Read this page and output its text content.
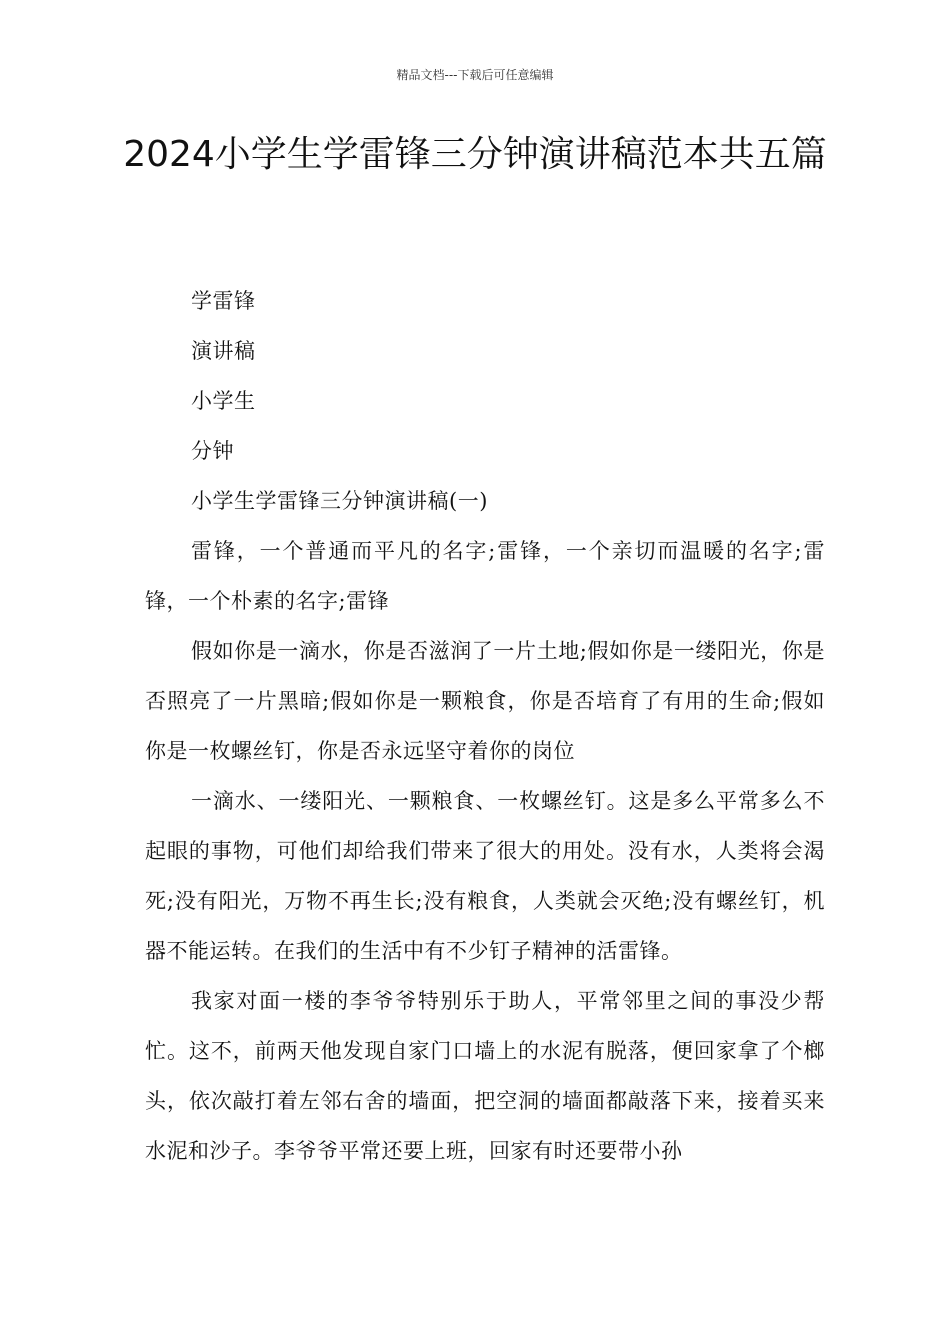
精品文档---下载后可任意编辑
2024小学生学雷锋三分钟演讲稿范本共五篇

学雷锋

演讲稿

小学生

分钟

小学生学雷锋三分钟演讲稿(一)

雷锋，一个普通而平凡的名字;雷锋，一个亲切而温暖的名字;雷锋，一个朴素的名字;雷锋

假如你是一滴水，你是否滋润了一片土地;假如你是一缕阳光，你是否照亮了一片黑暗;假如你是一颗粮食，你是否培育了有用的生命;假如你是一枚螺丝钉，你是否永远坚守着你的岗位

一滴水、一缕阳光、一颗粮食、一枚螺丝钉。这是多么平常多么不起眼的事物，可他们却给我们带来了很大的用处。没有水，人类将会渴死;没有阳光，万物不再生长;没有粮食，人类就会灭绝;没有螺丝钉，机器不能运转。在我们的生活中有不少钉子精神的活雷锋。

我家对面一楼的李爷爷特别乐于助人，平常邻里之间的事没少帮忙。这不，前两天他发现自家门口墙上的水泥有脱落，便回家拿了个榔头，依次敲打着左邻右舍的墙面，把空洞的墙面都敲落下来，接着买来水泥和沙子。李爷爷平常还要上班，回家有时还要带小孙
